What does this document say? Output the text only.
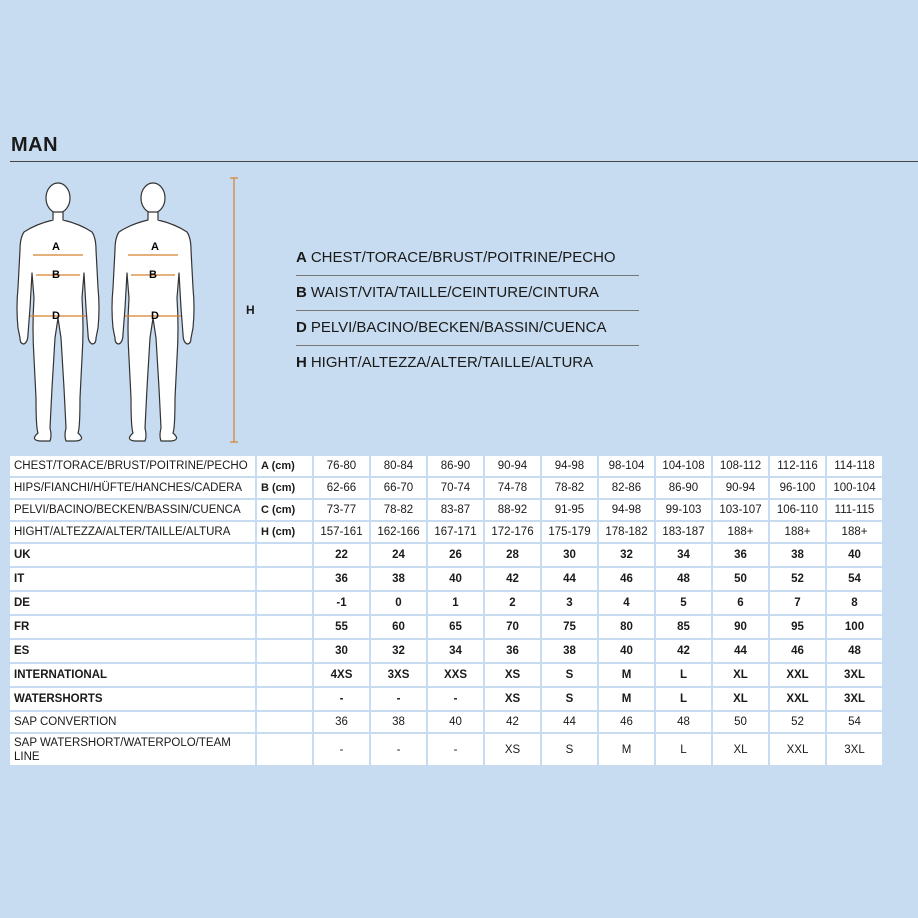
MAN
A
B
D
A
B
D	H
A CHEST/TORACE/BRUST/POITRINE/PECHO
B WAIST/VITA/TAILLE/CEINTURE/CINTURA
D PELVI/BACINO/BECKEN/BASSIN/CUENCA
H HIGHT/ALTEZZA/ALTER/TAILLE/ALTURA
CHEST/TORACE/BRUST/POITRINE/PECHO	A (cm)	76-80	80-84	86-90	90-94	94-98	98-104	104-108	108-112	112-116	114-118
HIPS/FIANCHI/HÜFTE/HANCHES/CADERA	B (cm)	62-66	66-70	70-74	74-78	78-82	82-86	86-90	90-94	96-100	100-104
PELVI/BACINO/BECKEN/BASSIN/CUENCA	C (cm)	73-77	78-82	83-87	88-92	91-95	94-98	99-103	103-107	106-110	111-115
HIGHT/ALTEZZA/ALTER/TAILLE/ALTURA	H (cm)	157-161	162-166	167-171	172-176	175-179	178-182	183-187	188+	188+	188+
UK		22	24	26	28	30	32	34	36	38	40
IT		36	38	40	42	44	46	48	50	52	54
DE		-1	0	1	2	3	4	5	6	7	8
FR		55	60	65	70	75	80	85	90	95	100
ES		30	32	34	36	38	40	42	44	46	48
INTERNATIONAL		4XS	3XS	XXS	XS	S	M	L	XL	XXL	3XL
WATERSHORTS		-	-	-	XS	S	M	L	XL	XXL	3XL
SAP CONVERTION		36	38	40	42	44	46	48	50	52	54
SAP WATERSHORT/WATERPOLO/TEAM LINE		-	-	-	XS	S	M	L	XL	XXL	3XL
